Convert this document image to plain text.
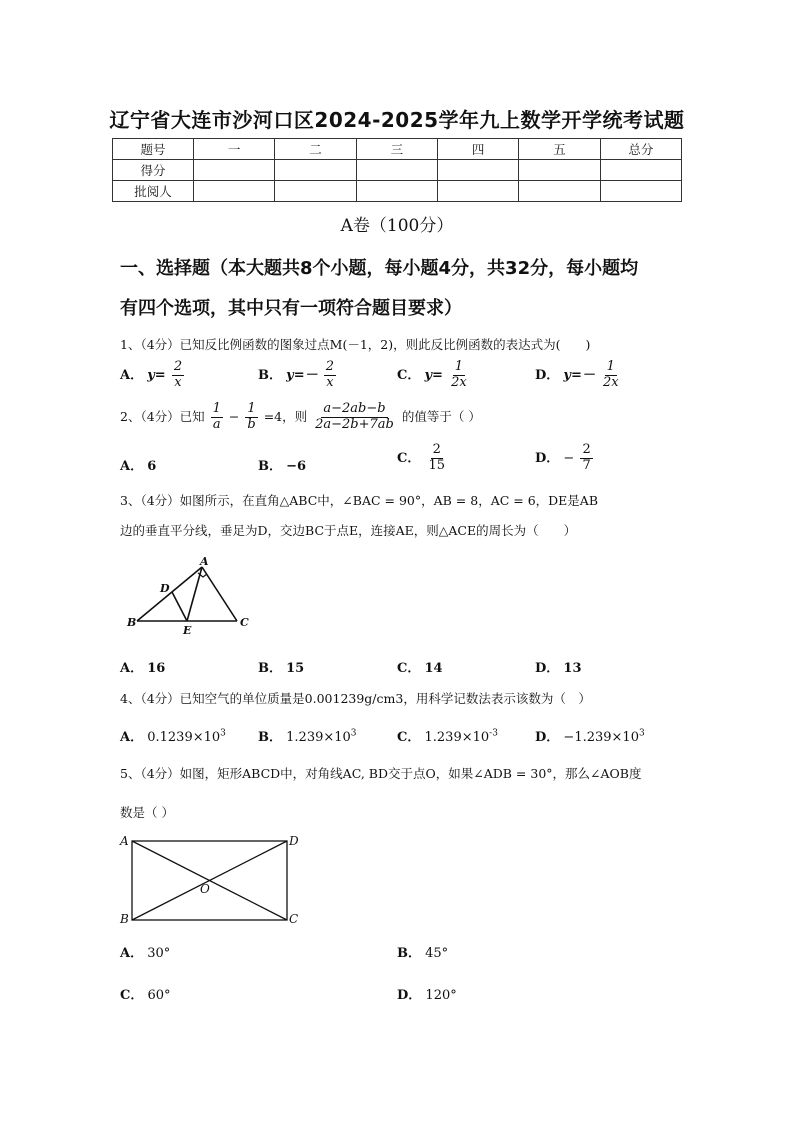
辽宁省大连市沙河口区2024-2025学年九上数学开学统考试题
题号	一	二	三	四	五	总分
得分						
批阅人						
A卷（100分）
一、选择题（本大题共8个小题，每小题4分，共32分，每小题均
有四个选项，其中只有一项符合题目要求）
1、（4分）已知反比例函数的图象过点M(－1，2)，则此反比例函数的表达式为(　　)
A． $y= \frac{2}{x}$	B． $y=- \frac{2}{x}$	C． $y= \frac{1}{2x}$	D． $y=- \frac{1}{2x}$
2、（4分）已知 $\frac{1}{a} - \frac{1}{b} =4$，则 $\frac{a-2ab-b}{2a-2b+7ab}$ 的值等于（ ）
A． 6	B． −6
C． $\frac{2}{15}$	D． − $\frac{2}{7}$
3、（4分）如图所示，在直角△ABC中，∠BAC = 90°，AB = 8，AC = 6，DE是AB
边的垂直平分线，垂足为D，交边BC于点E，连接AE，则△ACE的周长为（　　）
A
B	C
D
E
A． 16	B． 15	C． 14	D． 13
4、（4分）已知空气的单位质量是0.001239g/cm3，用科学记数法表示该数为（　）
A． $0.1239\times 10^3$ B． $1.239\times 10^3$	C． $1.239\times 10^{-3}$	D． $-1.239\times 10^3$
5、（4分）如图，矩形ABCD中，对角线AC, BD交于点O，如果∠ADB = 30°，那么∠AOB度
数是（ ）
A	D
B	C
O
A． 30°	B． 45°
C． 60°	D． 120°
